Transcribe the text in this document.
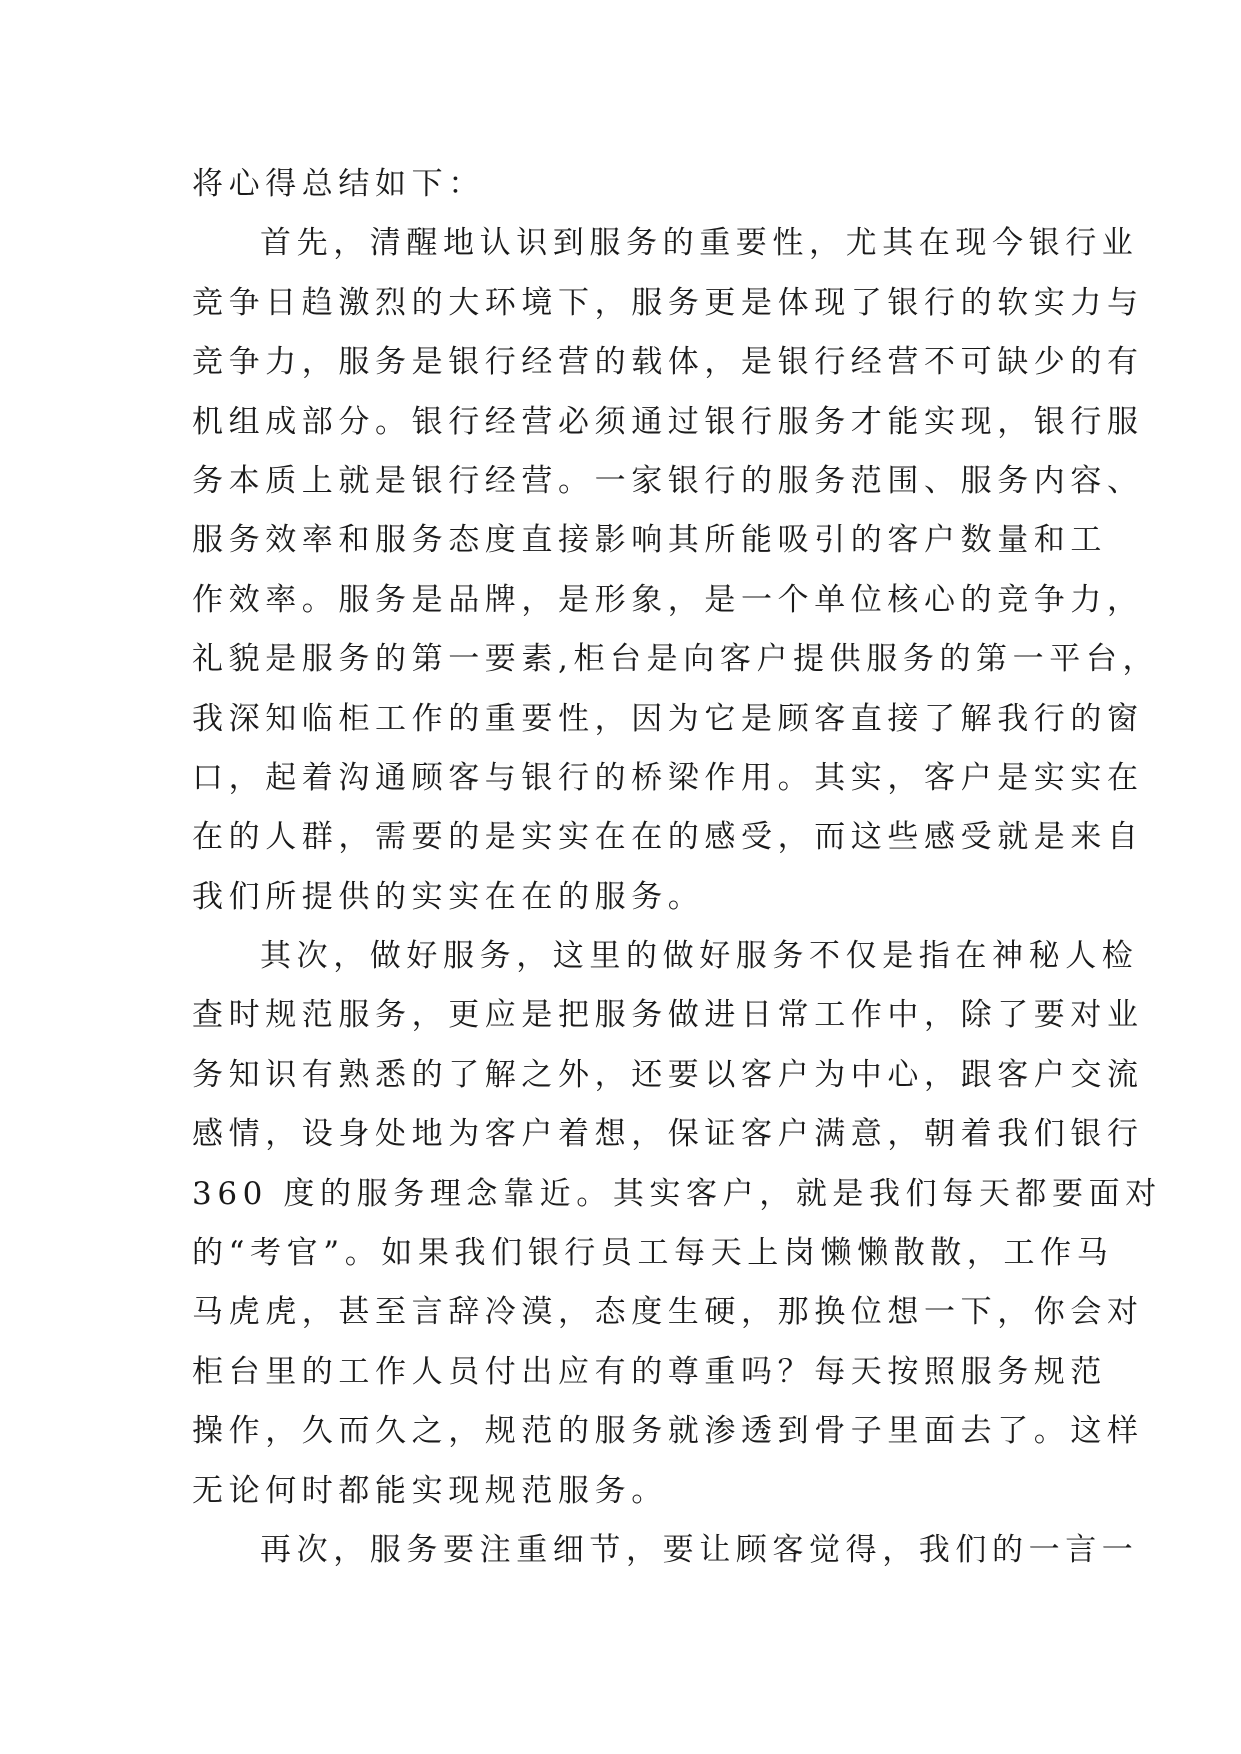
将心得总结如下：
首先，清醒地认识到服务的重要性，尤其在现今银行业
竞争日趋激烈的大环境下，服务更是体现了银行的软实力与
竞争力，服务是银行经营的载体，是银行经营不可缺少的有
机组成部分。银行经营必须通过银行服务才能实现，银行服
务本质上就是银行经营。一家银行的服务范围、服务内容、
服务效率和服务态度直接影响其所能吸引的客户数量和工
作效率。服务是品牌，是形象，是一个单位核心的竞争力，
礼貌是服务的第一要素,柜台是向客户提供服务的第一平台，
我深知临柜工作的重要性，因为它是顾客直接了解我行的窗
口，起着沟通顾客与银行的桥梁作用。其实，客户是实实在
在的人群，需要的是实实在在的感受，而这些感受就是来自
我们所提供的实实在在的服务。
其次，做好服务，这里的做好服务不仅是指在神秘人检
查时规范服务，更应是把服务做进日常工作中，除了要对业
务知识有熟悉的了解之外，还要以客户为中心，跟客户交流
感情，设身处地为客户着想，保证客户满意，朝着我们银行
360 度的服务理念靠近。其实客户，就是我们每天都要面对
的“考官”。如果我们银行员工每天上岗懒懒散散，工作马
马虎虎，甚至言辞冷漠，态度生硬，那换位想一下，你会对
柜台里的工作人员付出应有的尊重吗？每天按照服务规范
操作，久而久之，规范的服务就渗透到骨子里面去了。这样
无论何时都能实现规范服务。
再次，服务要注重细节，要让顾客觉得，我们的一言一
